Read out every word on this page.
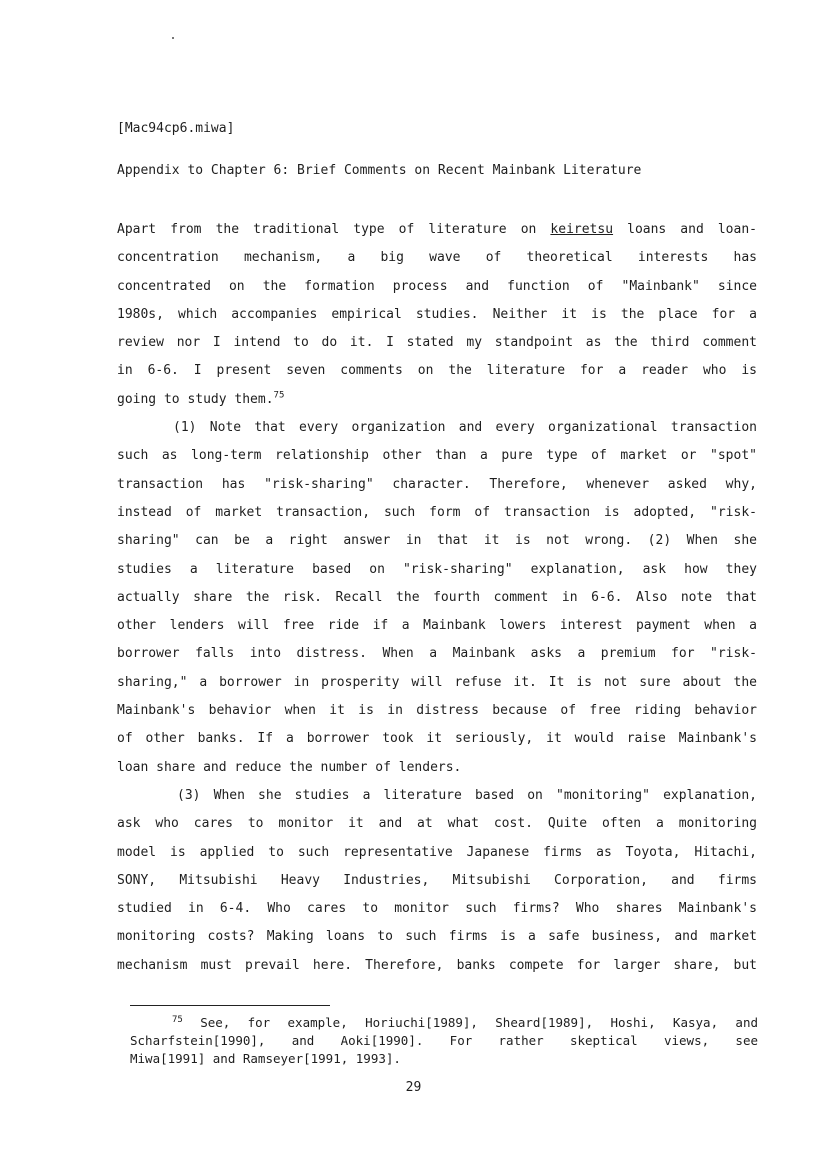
[Mac94cp6.miwa]
Appendix to Chapter 6: Brief Comments on Recent Mainbank Literature
Apart from the traditional type of literature on keiretsu loans and loan-
concentration mechanism, a big wave of theoretical interests has
concentrated on the formation process and function of "Mainbank" since
1980s, which accompanies empirical studies. Neither it is the place for a
review nor I intend to do it. I stated my standpoint as the third comment
in 6-6. I present seven comments on the literature for a reader who is
going to study them.$^{75}$
(1) Note that every organization and every organizational transaction
such as long-term relationship other than a pure type of market or "spot"
transaction has "risk-sharing" character. Therefore, whenever asked why,
instead of market transaction, such form of transaction is adopted, "risk-
sharing" can be a right answer in that it is not wrong. (2) When she
studies a literature based on "risk-sharing" explanation, ask how they
actually share the risk. Recall the fourth comment in 6-6. Also note that
other lenders will free ride if a Mainbank lowers interest payment when a
borrower falls into distress. When a Mainbank asks a premium for "risk-
sharing," a borrower in prosperity will refuse it. It is not sure about the
Mainbank's behavior when it is in distress because of free riding behavior
of other banks. If a borrower took it seriously, it would raise Mainbank's
loan share and reduce the number of lenders.
(3) When she studies a literature based on "monitoring" explanation,
ask who cares to monitor it and at what cost. Quite often a monitoring
model is applied to such representative Japanese firms as Toyota, Hitachi,
SONY, Mitsubishi Heavy Industries, Mitsubishi Corporation, and firms
studied in 6-4. Who cares to monitor such firms? Who shares Mainbank's
monitoring costs? Making loans to such firms is a safe business, and market
mechanism must prevail here. Therefore, banks compete for larger share, but
$^{75}$ See, for example, Horiuchi[1989], Sheard[1989], Hoshi, Kasya, and
Scharfstein[1990], and Aoki[1990]. For rather skeptical views, see
Miwa[1991] and Ramseyer[1991, 1993].
29
